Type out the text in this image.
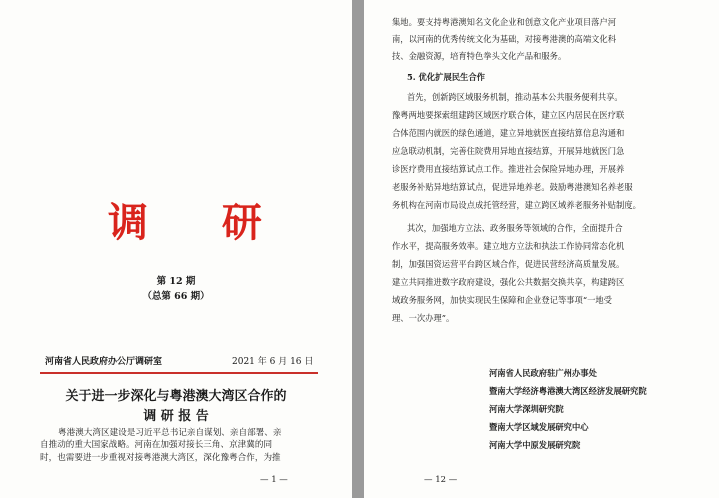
调 研
第 12 期
（总第 66 期）
河南省人民政府办公厅调研室	2021 年 6 月 16 日
关于进一步深化与粤港澳大湾区合作的
调 研 报 告
粤港澳大湾区建设是习近平总书记亲自谋划、亲自部署、亲
自推动的重大国家战略。河南在加强对接长三角、京津冀的同
时，也需要进一步重视对接粤港澳大湾区，深化豫粤合作，为推
— 1 —
集地。要支持粤港澳知名文化企业和创意文化产业项目落户河
南，以河南的优秀传统文化为基础，对接粤港澳的高端文化科
技、金融资源，培育特色拳头文化产品和服务。
5. 优化扩展民生合作
首先，创新跨区域服务机制，推动基本公共服务便利共享。
豫粤两地要探索组建跨区域医疗联合体，建立区内居民在医疗联
合体范围内就医的绿色通道，建立异地就医直接结算信息沟通和
应急联动机制，完善住院费用异地直接结算，开展异地就医门急
诊医疗费用直接结算试点工作。推进社会保险异地办理，开展养
老服务补贴异地结算试点，促进异地养老。鼓励粤港澳知名养老服
务机构在河南市局设点成托管经营，建立跨区域养老服务补贴制度。
其次，加强地方立法、政务服务等领域的合作，全面提升合
作水平，提高服务效率。建立地方立法和执法工作协同常态化机
制，加强国资运营平台跨区域合作，促进民营经济高质量发展。
建立共同推进数字政府建设，强化公共数据交换共享，构建跨区
域政务服务网，加快实现民生保障和企业登记等事项“一地受
理、一次办理”。
河南省人民政府驻广州办事处
暨南大学经济粤港澳大湾区经济发展研究院
河南大学深圳研究院
暨南大学区域发展研究中心
河南大学中原发展研究院
— 12 —
